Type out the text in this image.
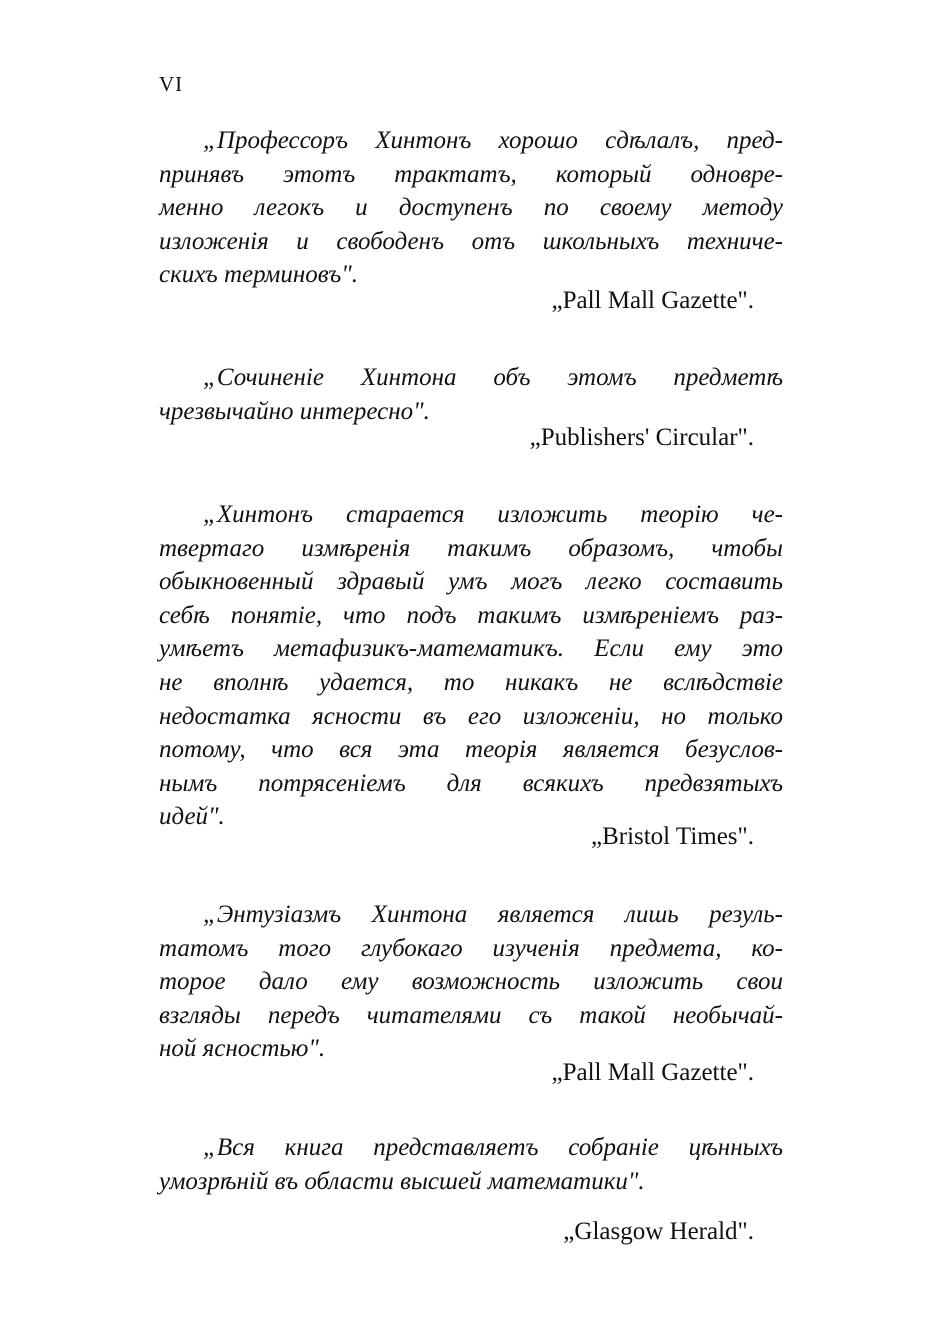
VI
„Профессоръ Хинтонъ хорошо сдѣлалъ, пред-
принявъ этотъ трактатъ, который одновре-
менно легокъ и доступенъ по своему методу
изложенія и свободенъ отъ школьныхъ техниче-
скихъ терминовъ".
„Pall Mall Gazette".
„Сочиненіе Хинтона объ этомъ предметѣ
чрезвычайно интересно".
„Publishers' Circular".
„Хинтонъ старается изложить теорію че-
твертаго измѣренія такимъ образомъ, чтобы
обыкновенный здравый умъ могъ легко составить
себѣ понятіе, что подъ такимъ измѣреніемъ раз-
умѣетъ метафизикъ-математикъ. Если ему это
не вполнѣ удается, то никакъ не вслѣдствіе
недостатка ясности въ его изложеніи, но только
потому, что вся эта теорія является безуслов-
нымъ потрясеніемъ для всякихъ предвзятыхъ
идей".
„Bristol Times".
„Энтузіазмъ Хинтона является лишь резуль-
татомъ того глубокаго изученія предмета, ко-
торое дало ему возможность изложить свои
взгляды передъ читателями съ такой необычай-
ной ясностью".
„Pall Mall Gazette".
„Вся книга представляетъ собраніе цѣнныхъ
умозрѣній въ области высшей математики".
„Glasgow Herald".
